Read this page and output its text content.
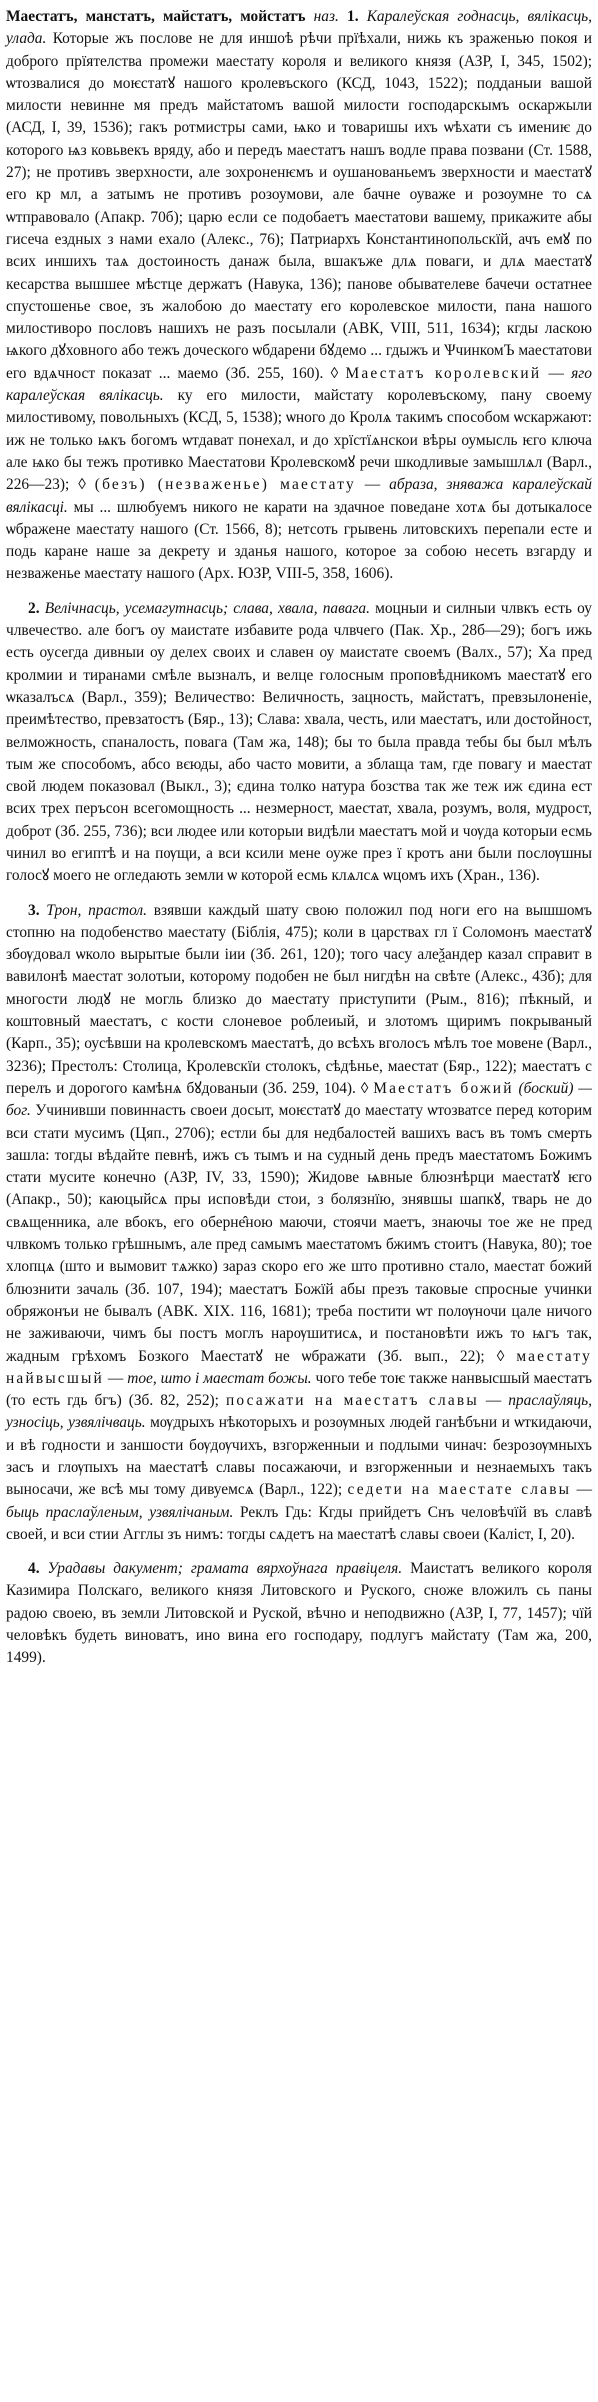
Маестатъ, манстатъ, майстатъ, мойстатъ наз. 1. Каралеўская годнасць, вялікасць, улада. Которые жъ послове не для иншоѣ рѣчи прїѣхали, нижь къ зраженью покоя и доброго прїятелства промежи маестату короля и великого князя (АЗР, I, 345, 1502); ѡтозвалися до моѥстатꙋ нашого кролевъского (КСД, 1043, 1522); подданыи вашой милости невинне мя предъ майстатомъ вашой милости господарскымъ оскаржыли (АСД, I, 39, 1536); гакъ ротмистры сами, ѩко и товаришы ихъ ѡѣхати съ имениѥ до которого ѩз ковьвекъ вряду, або и передъ маестатъ нашъ водле права позвани (Ст. 1588, 27); не противъ зверхности, але зохроненѥмъ и оушанованьемъ зверхности и маестатꙋ его кр мл, а затымъ не противъ розоумови, але бачне оуваже и розоумне то сѧ ѡтправовало (Апакр. 70б); царю если се подобаетъ маестатови вашему, прикажите абы гисеча ездных з нами ехало (Алекс., 76); Патриархъ Константинопольскїй, ачъ емꙋ по всих иншихъ таѧ достоиность данаж была, вшакъже длѧ поваги, и длѧ маестатꙋ кесарства вышшее мѣстце держатъ (Навука, 136); панове обывателеве бачечи остатнее спустошенье свое, зъ жалобою до маестату его королевское милости, пана нашого милостиворо пословъ нашихъ не разъ посылали (АВК, VIII, 511, 1634); кгды ласкою ѩкого дꙋховного або тежъ доческого ѡбдарени бꙋдемо ... гдыжъ и ѰчинкомЪ маестатови его вдѧчност показат ... маемо (Зб. 255, 160). ◊ Маестатъ королевский — яго каралеўская вялікасць. ку его милости, майстату королевъскому, пану своему милостивому, повольныхъ (КСД, 5, 1538); ѡного до Кролѧ такимъ способом ѡскаржают: иж не только ѩкъ богомъ ѡтдават понехал, и до хрїстїѧнскои вѣры оумысль ѥго ключа але ѩко бы тежъ противко Маестатови Кролевскомꙋ речи шкодливые замышлѧл (Варл., 226—23); ◊ (безъ) (незваженье) маестату — абраза, зняважа каралеўскай вялікасці. мы ... шлюбуемъ никого не карати на здачное поведане хотѧ бы дотыкалосе ѡбражене маестату нашого (Ст. 1566, 8); нетсоть грывень литовскихъ перепали есте и подь каране наше за декрету и зданья нашого, которое за собою несеть взгарду и незваженье маестату нашого (Арх. ЮЗР, VIII-5, 358, 1606).

2. Велічнасць, усемагутнасць; слава, хвала, павага. моцныи и силныи члвкъ есть оу члвечество. але богъ оу маистате избавите рода члвчего (Пак. Хр., 28б—29); богъ ижь есть оусегда дивныи оу делех своих и славен оу маистате своемъ (Валх., 57); Ха пред кролмии и тиранами смѣле вызналъ, и велце голосным проповѣдникомъ маестатꙋ его ѡказалъсѧ (Варл., 359); Величество: Величность, зацность, майстатъ, превзылоненіе, преимѣтество, превзатостъ (Бяр., 13); Слава: хвала, честь, или маестатъ, или достойност, велможность, спаналость, повага (Там жа, 148); бы то была правда тебы бы был мѣлъ тым же способомъ, абсо вєюды, або часто мовити, а зблаща там, где повагу и маестат свой людем показовал (Выкл., 3); єдина толко натура бозства так же теж иж єдина ест всих трех перъсон всегомощность ... незмерност, маестат, хвала, розумъ, воля, мудрост, доброт (Зб. 255, 736); вси людее или которыи видѣли маестатъ мой и чѹда которыи есмь чинил во египтѣ и на пѹщи, а вси ксили мене оуже през ї кротъ ани были послѹшны голосꙋ моего не огледають земли ѡ которой есмь клѧлсѧ ѡцомъ ихъ (Хран., 136).

3. Трон, прастол. взявши каждый шату свою положил под ноги его на вышшомъ стопню на подобенство маестату (Біблія, 475); коли в царствах гл ї Соломонъ маестатꙋ збѹдовал ѡколо вырытые были іии (Зб. 261, 120); того часу алеѯандер казал справит в вавилонѣ маестат золотыи, которому подобен не был нигдѣн на свѣте (Алекс., 43б); для многости людꙋ не могль близко до маестату приступити (Рым., 816); пѣкный, и коштовный маестатъ, с кости слоневое роблеиый, и злотомъ щиримъ покрываный (Карп., 35); оусѣвши на кролевскомъ маестатѣ, до всѣхъ вголосъ мѣлъ тое мовене (Варл., 3236); Престолъ: Столица, Кролевскїи столокъ, сѣдѣнье, маестат (Бяр., 122); маестатъ с перелъ и дорогого камѣнѧ бꙋдованыи (Зб. 259, 104). ◊ Маестатъ божий (боский) — бог. Учинивши повиннасть своеи досыт, моѥстатꙋ до маестату ѡтозватсе перед которим вси стати мусимъ (Цяп., 2706); естли бы для недбалостей вашихъ васъ въ томъ смерть зашла: тогды вѣдайте певнѣ, ижъ съ тымъ и на судный день предъ маестатомъ Божимъ стати мусите конечно (АЗР, IV, 33, 1590); Жидове ѩвные блюзнѣрци маестатꙋ ѥго (Апакр., 50); каюцыйсѧ пры исповѣди стои, з болязнїю, знявшы шапкꙋ, тварь не до свѧщенника, але вбокъ, его оберне̂ною маючи, стоячи маетъ, знаючы тое же не пред члвкомъ только грѣшнымъ, але пред самымъ маестатомъ бжимъ стоитъ (Навука, 80); тое хлопцѧ (што и вымовит тѧжко) зараз скоро его же што противно стало, маестат божий блюзнити зачаль (Зб. 107, 194); маестатъ Божїй абы презъ таковые спросные учинки обряжонъи не бывалъ (АВК. XIX. 116, 1681); треба постити ѡт полѹночи цале ничого не заживаючи, чимъ бы постъ моглъ нарѹшитисѧ, и постановѣти ижъ то ѩгъ так, жадным грѣхомъ Бозкого Маестатꙋ не ѡбражати (Зб. вып., 22); ◊ маестату найвысшый — тое, што і маестат божы. чого тебе тоѥ также нанвысшый маестатъ (то есть гдь бгъ) (Зб. 82, 252); посажати на маестатъ славы — праслаўляць, узносіць, узвялічваць. мѹдрыхъ нѣкоторыхъ и розѹмных людей ганѣбъни и ѡткидаючи, и вѣ годности и заншости бѹдѹчихъ, взгорженныи и подлыми чинач: безрозѹмныхъ засъ и глѹпыхъ на маестатѣ славы посажаючи, и взгорженныи и незнаемыхъ такъ выносачи, же всѣ мы тому дивуемсѧ (Варл., 122); седети на маестате славы — быць праслаўленым, узвялічаным. Реклъ Гдь: Кгды прийдетъ Снъ человѣчїй въ славѣ своей, и вси стии Агглы зъ нимъ: тогды сѧдетъ на маестатѣ славы своеи (Каліст, I, 20).

4. Урадавы дакумент; грамата вярхоўнага правіцеля. Маистатъ великого короля Казимира Полскаго, великого князя Литовского и Руского, сноже вложилъ сь паны радою своею, въ земли Литовской и Руской, вѣчно и неподвижно (АЗР, I, 77, 1457); чїй человѣкъ будеть виноватъ, ино вина его господару, подлугъ майстату (Там жа, 200, 1499).
